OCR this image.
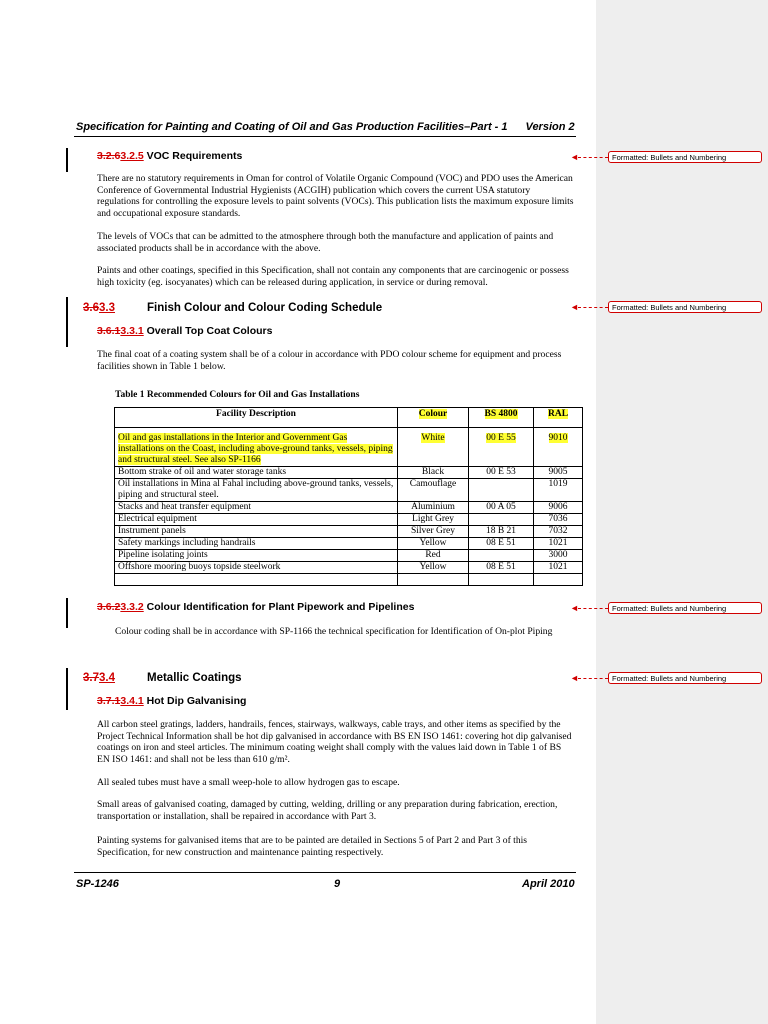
Specification for Painting and Coating of Oil and Gas Production Facilities–Part - 1 Version 2
3.2.63.2.5 VOC Requirements

There are no statutory requirements in Oman for control of Volatile Organic Compound (VOC) and PDO uses the American Conference of Governmental Industrial Hygienists (ACGIH) publication which covers the current USA statutory regulations for controlling the exposure levels to paint solvents (VOCs). This publication lists the maximum exposure limits and occupational exposure standards.

The levels of VOCs that can be admitted to the atmosphere through both the manufacture and application of paints and associated products shall be in accordance with the above.

Paints and other coatings, specified in this Specification, shall not contain any components that are carcinogenic or possess high toxicity (eg. isocyanates) which can be released during application, in service or during removal.

3.63.3	Finish Colour and Colour Coding Schedule
3.6.13.3.1 Overall Top Coat Colours

The final coat of a coating system shall be of a colour in accordance with PDO colour scheme for equipment and process facilities shown in Table 1 below.

Table 1 Recommended Colours for Oil and Gas Installations
Facility Description	Colour	BS 4800	RAL
Oil and gas installations in the Interior and Government Gas installations on the Coast, including above-ground tanks, vessels, piping and structural steel. See also SP-1166	White	00 E 55	9010
Bottom strake of oil and water storage tanks	Black	00 E 53	9005
Oil installations in Mina al Fahal including above-ground tanks, vessels, piping and structural steel.	Camouflage		1019
Stacks and heat transfer equipment	Aluminium	00 A 05	9006
Electrical equipment	Light Grey		7036
Instrument panels	Silver Grey	18 B 21	7032
Safety markings including handrails	Yellow	08 E 51	1021
Pipeline isolating joints	Red		3000
Offshore mooring buoys topside steelwork	Yellow	08 E 51	1021

3.6.23.3.2 Colour Identification for Plant Pipework and Pipelines

Colour coding shall be in accordance with SP-1166 the technical specification for Identification of On-plot Piping

3.73.4	Metallic Coatings
3.7.13.4.1 Hot Dip Galvanising

All carbon steel gratings, ladders, handrails, fences, stairways, walkways, cable trays, and other items as specified by the Project Technical Information shall be hot dip galvanised in accordance with BS EN ISO 1461: covering hot dip galvanised coatings on iron and steel articles. The minimum coating weight shall comply with the values laid down in Table 1 of BS EN ISO 1461: and shall not be less than 610 g/m².

All sealed tubes must have a small weep-hole to allow hydrogen gas to escape.

Small areas of galvanised coating, damaged by cutting, welding, drilling or any preparation during fabrication, erection, transportation or installation, shall be repaired in accordance with Part 3.

Painting systems for galvanised items that are to be painted are detailed in Sections 5 of Part 2 and Part 3 of this Specification, for new construction and maintenance painting respectively.

SP-1246	9	April 2010
◄	Formatted: Bullets and Numbering
◄	Formatted: Bullets and Numbering
◄	Formatted: Bullets and Numbering
◄	Formatted: Bullets and Numbering
